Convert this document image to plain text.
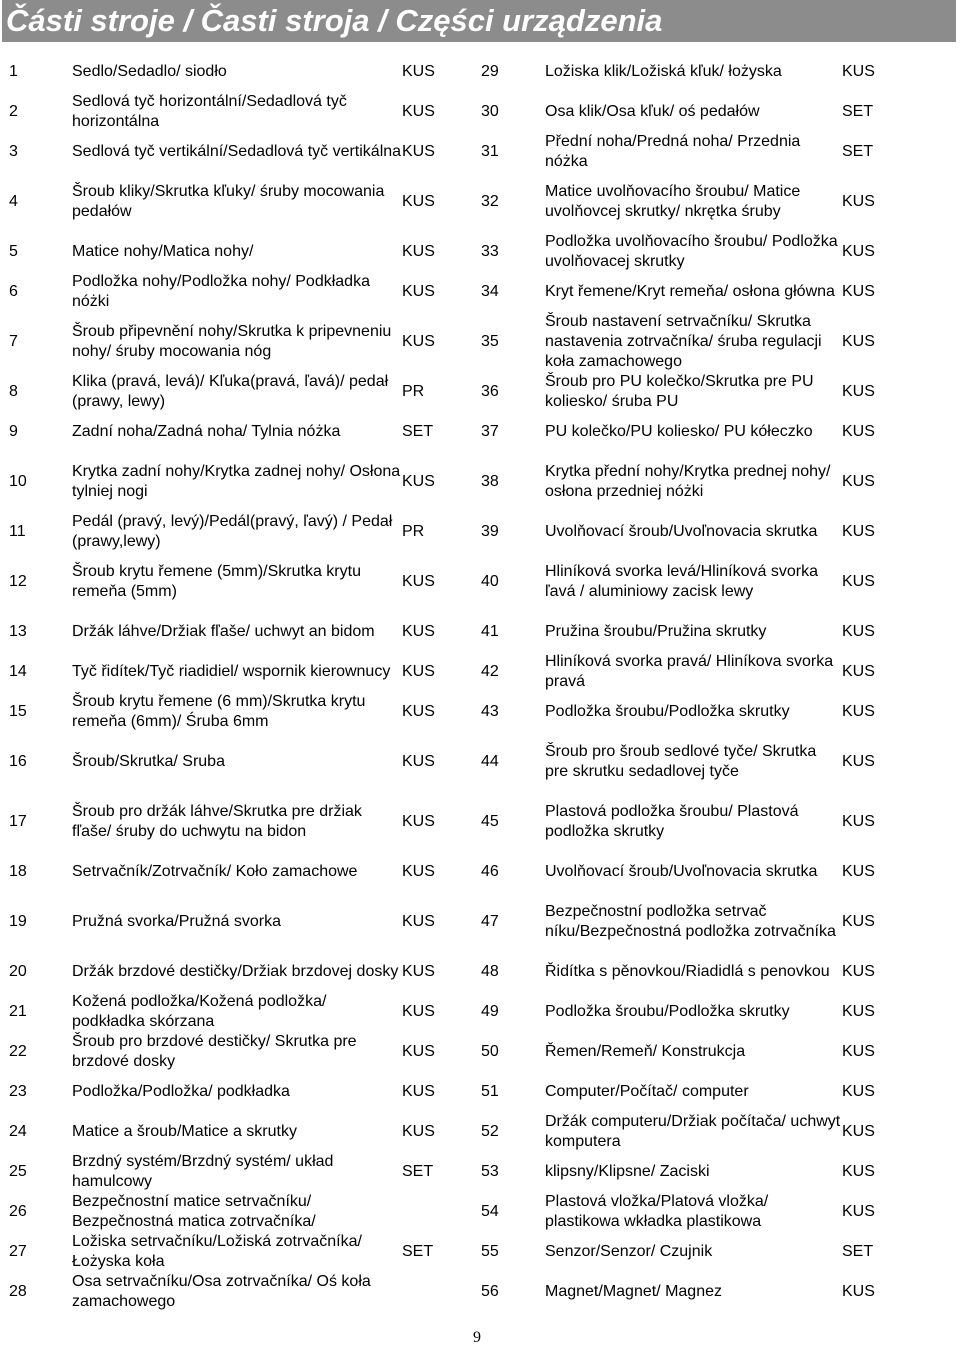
Části stroje / Časti stroja / Części urządzenia
1	Sedlo/Sedadlo/ siodło	KUS
2	Sedlová tyč horizontální/Sedadlová tyč horizontálna	KUS
3	Sedlová tyč vertikální/Sedadlová tyč vertikálna	KUS
4	Šroub kliky/Skrutka kľuky/ śruby mocowania pedałów	KUS
5	Matice nohy/Matica nohy/	KUS
6	Podložka nohy/Podložka nohy/ Podkładka nóżki	KUS
7	Šroub připevnění nohy/Skrutka k pripevneniu nohy/ śruby mocowania nóg	KUS
8	Klika (pravá, levá)/ Kľuka(pravá, ľavá)/ pedał (prawy, lewy)	PR
9	Zadní noha/Zadná noha/ Tylnia nóżka	SET
10	Krytka zadní nohy/Krytka zadnej nohy/ Osłona tylniej nogi	KUS
11	Pedál (pravý, levý)/Pedál(pravý, ľavý) / Pedał (prawy,lewy)	PR
12	Šroub krytu řemene (5mm)/Skrutka krytu remeňa (5mm)	KUS
13	Držák láhve/Držiak fľaše/ uchwyt an bidom	KUS
14	Tyč řidítek/Tyč riadidiel/ wspornik kierownucy	KUS
15	Šroub krytu řemene (6 mm)/Skrutka krytu remeňa (6mm)/ Śruba 6mm	KUS
16	Šroub/Skrutka/ Sruba	KUS
17	Šroub pro držák láhve/Skrutka pre držiak fľaše/ śruby do uchwytu na bidon	KUS
18	Setrvačník/Zotrvačník/ Koło zamachowe	KUS
19	Pružná svorka/Pružná svorka	KUS
20	Držák brzdové destičky/Držiak brzdovej dosky	KUS
21	Kožená podložka/Kožená podložka/ podkładka skórzana	KUS
22	Šroub pro brzdové destičky/ Skrutka pre brzdové dosky	KUS
23	Podložka/Podložka/ podkładka	KUS
24	Matice a šroub/Matice a skrutky	KUS
25	Brzdný systém/Brzdný systém/ układ hamulcowy	SET
26	Bezpečnostní matice setrvačníku/ Bezpečnostná matica zotrvačníka/	
27	Ložiska setrvačníku/Ložiská zotrvačníka/ Łożyska koła	SET
28	Osa setrvačníku/Osa zotrvačníka/ Oś koła zamachowego	
29	Ložiska klik/Ložiská kľuk/ łożyska	KUS
30	Osa klik/Osa kľuk/ oś pedałów	SET
31	Přední noha/Predná noha/ Przednia nóżka	SET
32	Matice uvolňovacího šroubu/ Matice uvolňovcej skrutky/ nkrętka śruby	KUS
33	Podložka uvolňovacího šroubu/ Podložka uvolňovacej skrutky	KUS
34	Kryt řemene/Kryt remeňa/ osłona główna	KUS
35	Šroub nastavení setrvačníku/ Skrutka nastavenia zotrvačníka/ śruba regulacji koła zamachowego	KUS
36	Šroub pro PU kolečko/Skrutka pre PU koliesko/ śruba PU	KUS
37	PU kolečko/PU koliesko/ PU kółeczko	KUS
38	Krytka přední nohy/Krytka prednej nohy/ osłona przedniej nóżki	KUS
39	Uvolňovací šroub/Uvoľnovacia skrutka	KUS
40	Hliníková svorka levá/Hliníková svorka ľavá / aluminiowy zacisk lewy	KUS
41	Pružina šroubu/Pružina skrutky	KUS
42	Hliníková svorka pravá/ Hliníkova svorka pravá	KUS
43	Podložka šroubu/Podložka skrutky	KUS
44	Šroub pro šroub sedlové tyče/ Skrutka pre skrutku sedadlovej tyče	KUS
45	Plastová podložka šroubu/ Plastová podložka skrutky	KUS
46	Uvolňovací šroub/Uvoľnovacia skrutka	KUS
47	Bezpečnostní podložka setrvač níku/Bezpečnostná podložka zotrvačníka	KUS
48	Řidítka s pěnovkou/Riadidlá s penovkou	KUS
49	Podložka šroubu/Podložka skrutky	KUS
50	Řemen/Remeň/ Konstrukcja	KUS
51	Computer/Počítač/ computer	KUS
52	Držák computeru/Držiak počítača/ uchwyt komputera	KUS
53	klipsny/Klipsne/ Zaciski	KUS
54	Plastová vložka/Platová vložka/ plastikowa wkładka plastikowa	KUS
55	Senzor/Senzor/ Czujnik	SET
56	Magnet/Magnet/ Magnez	KUS
9
